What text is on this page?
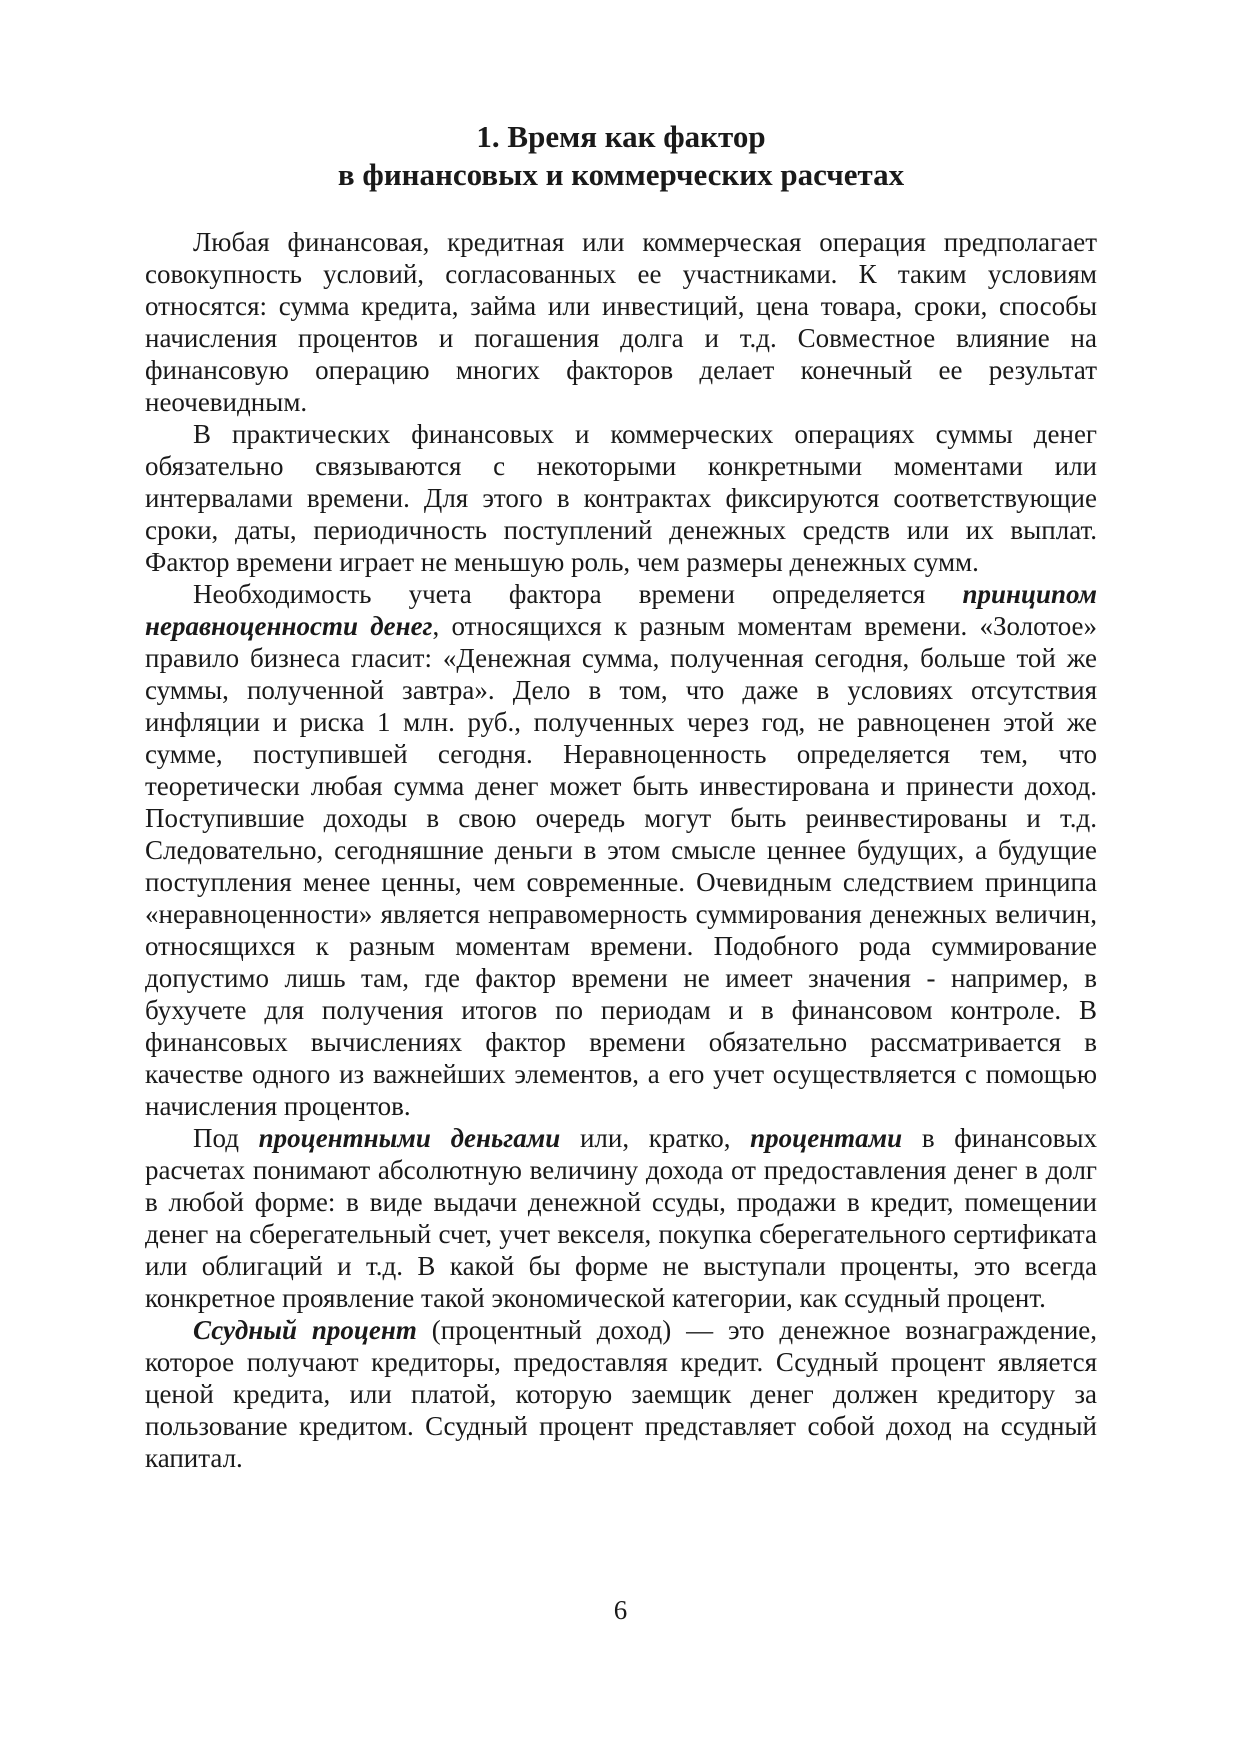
1. Время как фактор
в финансовых и коммерческих расчетах

Любая финансовая, кредитная или коммерческая операция предполагает совокупность условий, согласованных ее участниками. К таким условиям относятся: сумма кредита, займа или инвестиций, цена товара, сроки, способы начисления процентов и погашения долга и т.д. Совместное влияние на финансовую операцию многих факторов делает конечный ее результат неочевидным.

В практических финансовых и коммерческих операциях суммы денег обязательно связываются с некоторыми конкретными моментами или интервалами времени. Для этого в контрактах фиксируются соответствующие сроки, даты, периодичность поступлений денежных средств или их выплат. Фактор времени играет не меньшую роль, чем размеры денежных сумм.

Необходимость учета фактора времени определяется принципом неравноценности денег, относящихся к разным моментам времени. «Золотое» правило бизнеса гласит: «Денежная сумма, полученная сегодня, больше той же суммы, полученной завтра». Дело в том, что даже в условиях отсутствия инфляции и риска 1 млн. руб., полученных через год, не равноценен этой же сумме, поступившей сегодня. Неравноценность определяется тем, что теоретически любая сумма денег может быть инвестирована и принести доход. Поступившие доходы в свою очередь могут быть реинвестированы и т.д. Следовательно, сегодняшние деньги в этом смысле ценнее будущих, а будущие поступления менее ценны, чем современные. Очевидным следствием принципа «неравноценности» является неправомерность суммирования денежных величин, относящихся к разным моментам времени. Подобного рода суммирование допустимо лишь там, где фактор времени не имеет значения - например, в бухучете для получения итогов по периодам и в финансовом контроле. В финансовых вычислениях фактор времени обязательно рассматривается в качестве одного из важнейших элементов, а его учет осуществляется с помощью начисления процентов.

Под процентными деньгами или, кратко, процентами в финансовых расчетах понимают абсолютную величину дохода от предоставления денег в долг в любой форме: в виде выдачи денежной ссуды, продажи в кредит, помещении денег на сберегательный счет, учет векселя, покупка сберегательного сертификата или облигаций и т.д. В какой бы форме не выступали проценты, это всегда конкретное проявление такой экономической категории, как ссудный процент.

Ссудный процент (процентный доход) — это денежное вознаграждение, которое получают кредиторы, предоставляя кредит. Ссудный процент является ценой кредита, или платой, которую заемщик денег должен кредитору за пользование кредитом. Ссудный процент представляет собой доход на ссудный капитал.

6
